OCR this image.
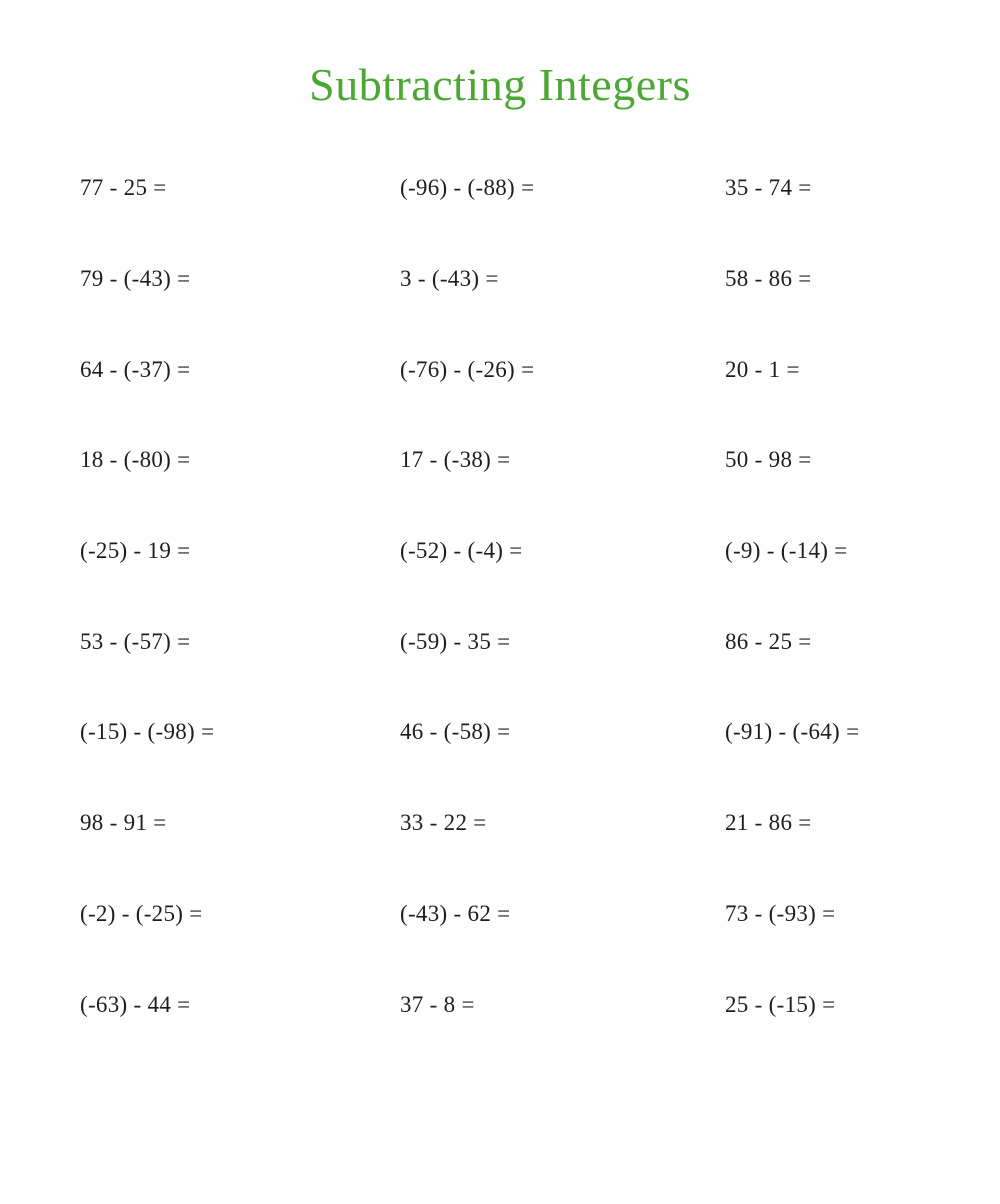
Subtracting Integers
77 - 25 =	(-96) - (-88) =	35 - 74 =
79 - (-43) =	3 - (-43) =	58 - 86 =
64 - (-37) =	(-76) - (-26) =	20 - 1 =
18 - (-80) =	17 - (-38) =	50 - 98 =
(-25) - 19 =	(-52) - (-4) =	(-9) - (-14) =
53 - (-57) =	(-59) - 35 =	86 - 25 =
(-15) - (-98) =	46 - (-58) =	(-91) - (-64) =
98 - 91 =	33 - 22 =	21 - 86 =
(-2) - (-25) =	(-43) - 62 =	73 - (-93) =
(-63) - 44 =	37 - 8 =	25 - (-15) =
